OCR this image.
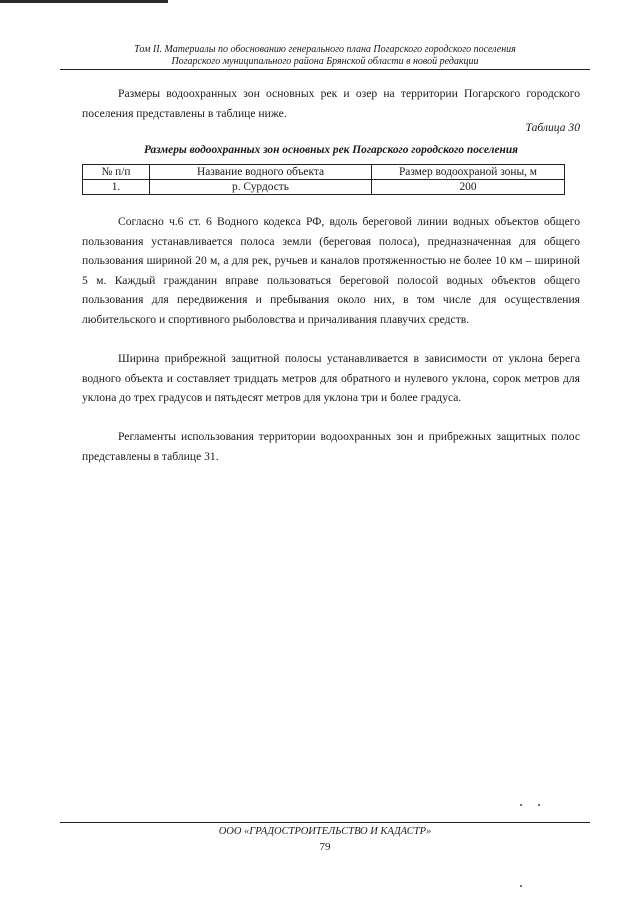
Том II. Материалы по обоснованию генерального плана Погарского городского поселения
Погарского муниципального района Брянской области в новой редакции

Размеры водоохранных зон основных рек и озер на территории Погарского городского поселения представлены в таблице ниже.

Таблица 30
Размеры водоохранных зон основных рек Погарского городского поселения
№ п/п	Название водного объекта	Размер водоохраной зоны, м
1.	р. Сурдость	200

Согласно ч.6 ст. 6 Водного кодекса РФ, вдоль береговой линии водных объектов общего пользования устанавливается полоса земли (береговая полоса), предназначенная для общего пользования шириной 20 м, а для рек, ручьев и каналов протяженностью не более 10 км – шириной 5 м. Каждый гражданин вправе пользоваться береговой полосой водных объектов общего пользования для передвижения и пребывания около них, в том числе для осуществления любительского и спортивного рыболовства и причаливания плавучих средств.

Ширина прибрежной защитной полосы устанавливается в зависимости от уклона берега водного объекта и составляет тридцать метров для обратного и нулевого уклона, сорок метров для уклона до трех градусов и пятьдесят метров для уклона три и более градуса.

Регламенты использования территории водоохранных зон и прибрежных защитных полос представлены в таблице 31.

ООО «ГРАДОСТРОИТЕЛЬСТВО И КАДАСТР»
79
